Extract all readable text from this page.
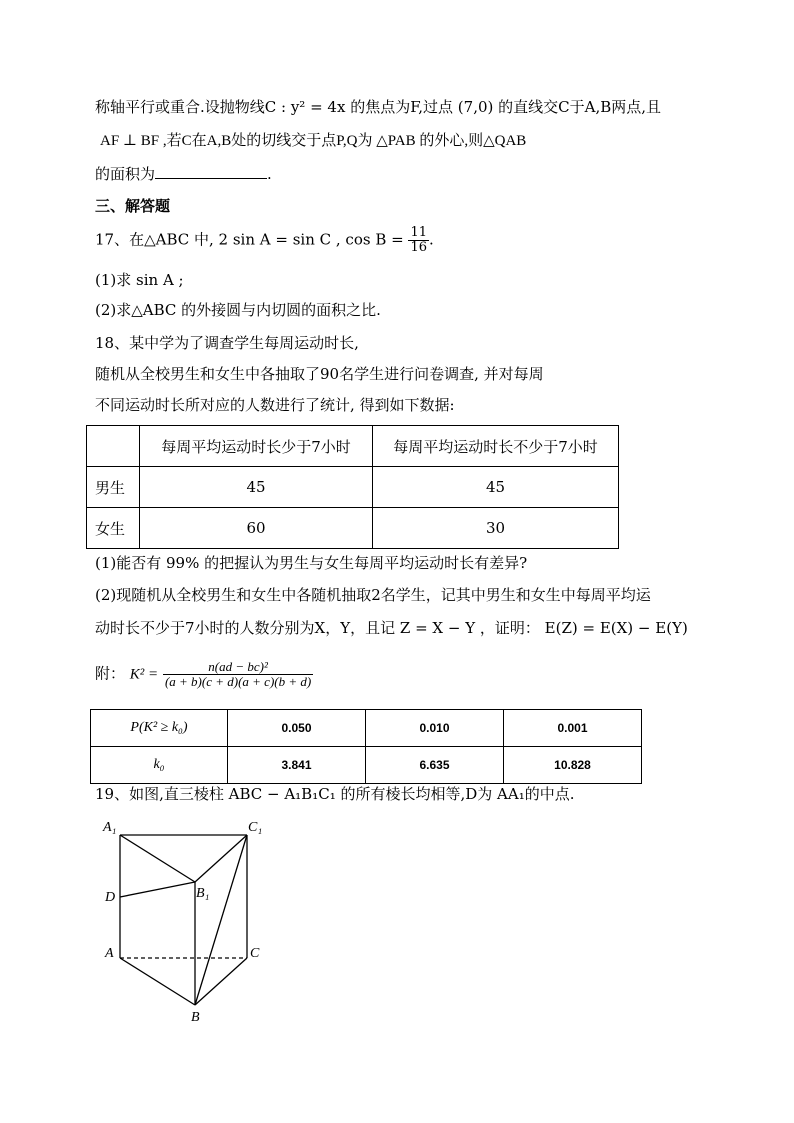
称轴平行或重合.设抛物线C : y² = 4x 的焦点为F,过点 (7,0) 的直线交C于A,B两点,且
AF ⊥ BF ,若C在A,B处的切线交于点P,Q为 △PAB 的外心,则△QAB
的面积为	.
三、解答题
17、在△ABC 中, 2 sin A = sin C , $\cos B = \frac{11}{16}$ .
(1)求 sin A ;
(2)求△ABC 的外接圆与内切圆的面积之比.
18、某中学为了调查学生每周运动时长,
随机从全校男生和女生中各抽取了90名学生进行问卷调查, 并对每周
不同运动时长所对应的人数进行了统计, 得到如下数据:
	每周平均运动时长少于7小时	每周平均运动时长不少于7小时
男生	45	45
女生	60	30
(1)能否有 99% 的把握认为男生与女生每周平均运动时长有差异?
(2)现随机从全校男生和女生中各随机抽取2名学生，记其中男生和女生中每周平均运
动时长不少于7小时的人数分别为X，Y，且记 Z = X − Y ，证明： E(Z) = E(X) − E(Y)
附： $K^2 = \frac{\text{n(ad − bc)²}}{(a + b)(c + d)(a + c)(b + d)}$
P(K² ≥ k₀)	0.050	0.010	0.001
k₀	3.841	6.635	10.828
19、如图,直三棱柱 ABC − A₁B₁C₁ 的所有棱长均相等,D为 AA₁的中点.
A₁	C₁
D	B₁
A	C
B
